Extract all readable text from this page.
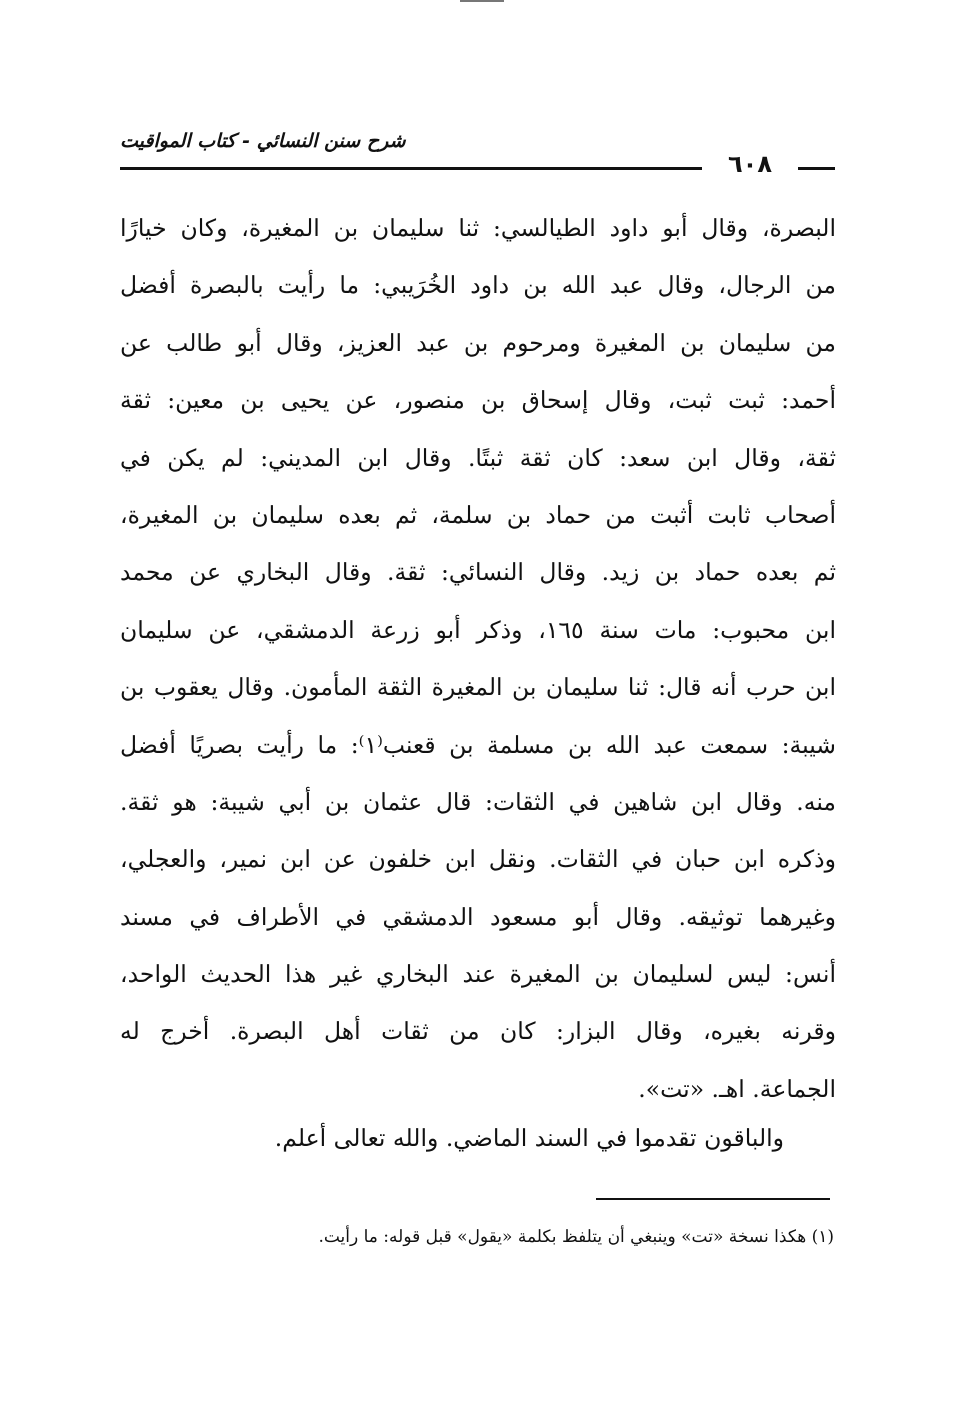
شرح سنن النسائي - كتاب المواقيت
٦٠٨
البصرة، وقال أبو داود الطيالسي: ثنا سليمان بن المغيرة، وكان خيارًا
من الرجال، وقال عبد الله بن داود الخُرَيبي: ما رأيت بالبصرة أفضل
من سليمان بن المغيرة ومرحوم بن عبد العزيز، وقال أبو طالب عن
أحمد: ثبت ثبت، وقال إسحاق بن منصور، عن يحيى بن معين: ثقة
ثقة، وقال ابن سعد: كان ثقة ثبتًا. وقال ابن المديني: لم يكن في
أصحاب ثابت أثبت من حماد بن سلمة، ثم بعده سليمان بن المغيرة،
ثم بعده حماد بن زيد. وقال النسائي: ثقة. وقال البخاري عن محمد
ابن محبوب: مات سنة ١٦٥، وذكر أبو زرعة الدمشقي، عن سليمان
ابن حرب أنه قال: ثنا سليمان بن المغيرة الثقة المأمون. وقال يعقوب بن
شيبة: سمعت عبد الله بن مسلمة بن قعنب⁽١⁾: ما رأيت بصريًا أفضل
منه. وقال ابن شاهين في الثقات: قال عثمان بن أبي شيبة: هو ثقة.
وذكره ابن حبان في الثقات. ونقل ابن خلفون عن ابن نمير، والعجلي،
وغيرهما توثيقه. وقال أبو مسعود الدمشقي في الأطراف في مسند
أنس: ليس لسليمان بن المغيرة عند البخاري غير هذا الحديث الواحد،
وقرنه بغيره، وقال البزار: كان من ثقات أهل البصرة. أخرج له
الجماعة. اهـ. «تت».
والباقون تقدموا في السند الماضي. والله تعالى أعلم.
(١) هكذا نسخة «تت» وينبغي أن يتلفظ بكلمة «يقول» قبل قوله: ما رأيت.
